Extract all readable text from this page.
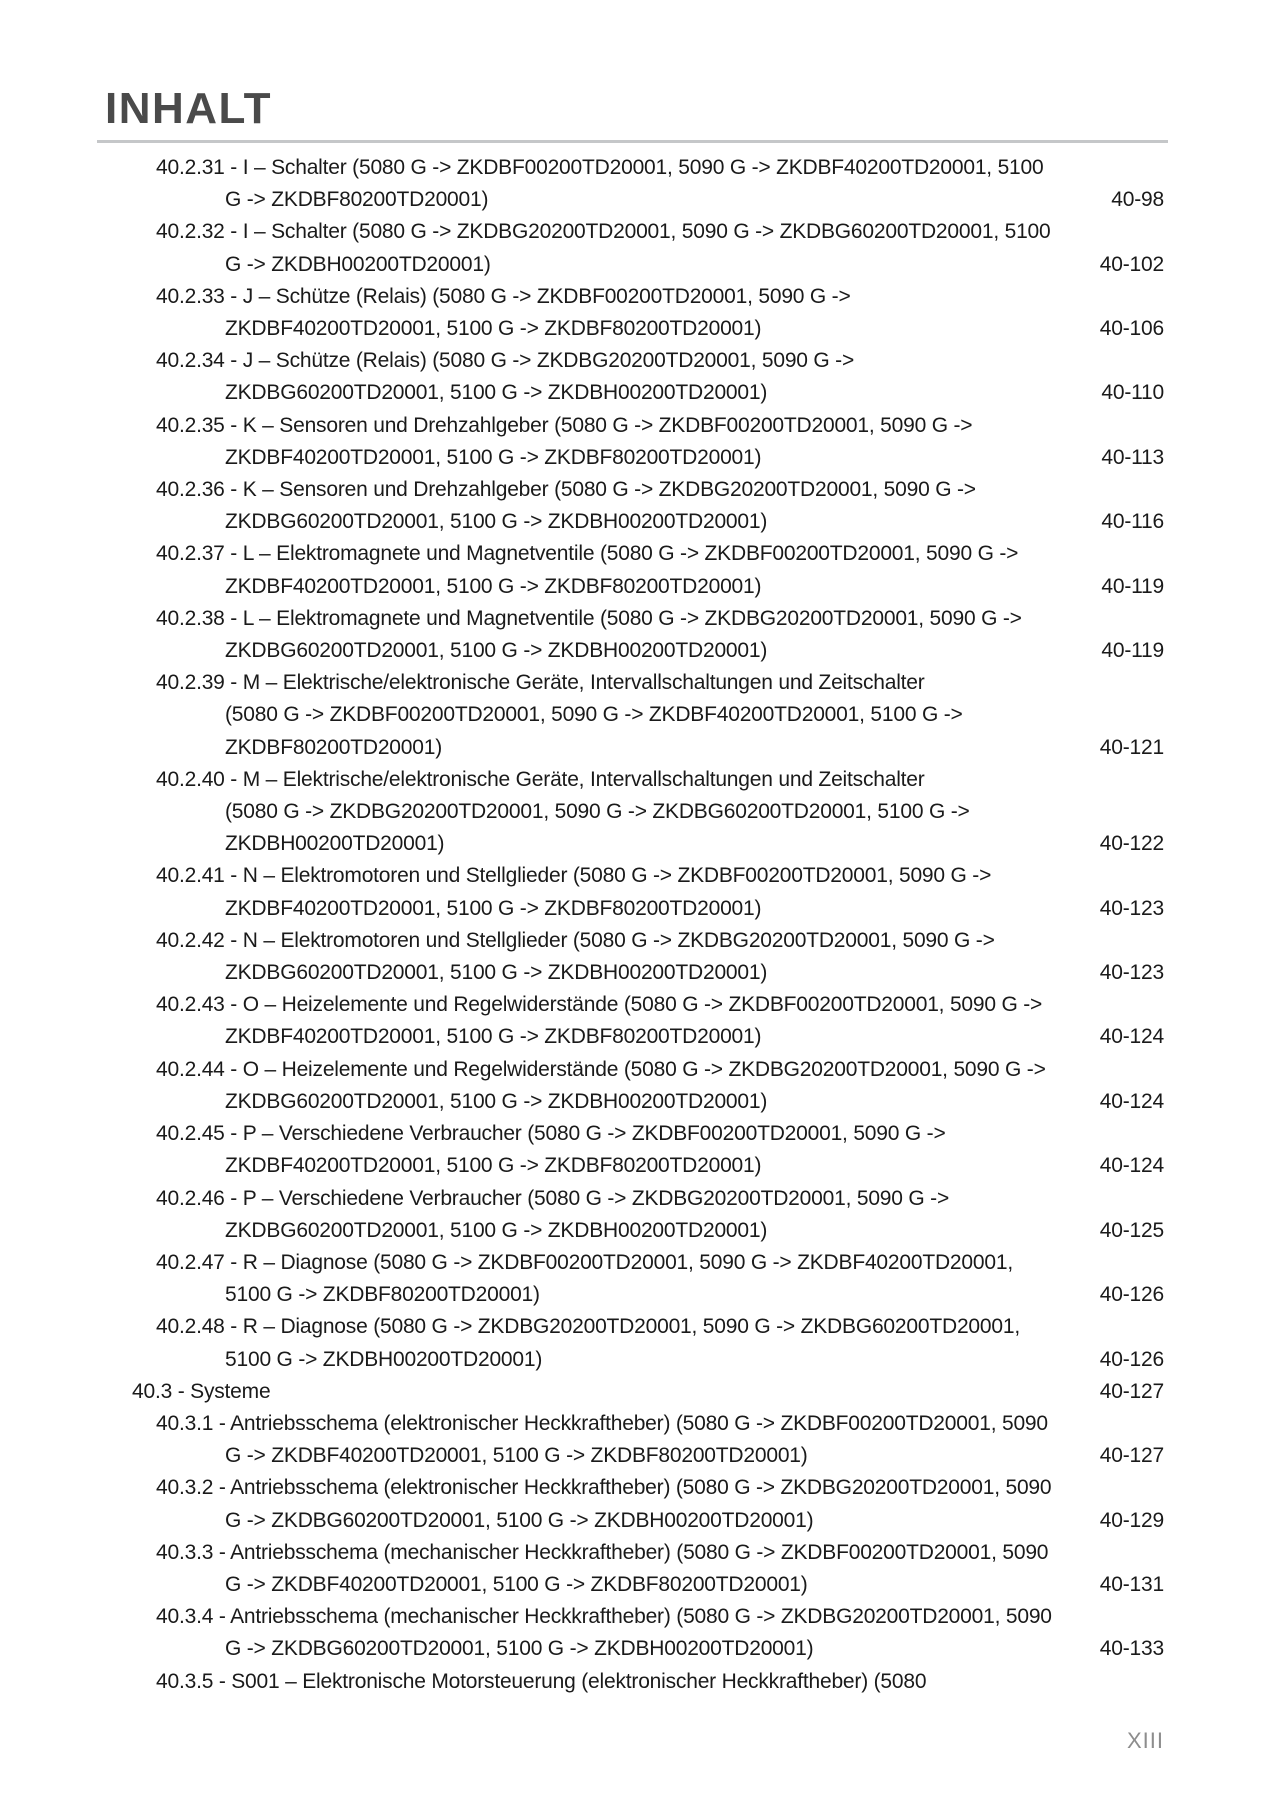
INHALT
40.2.31 - I – Schalter (5080 G -> ZKDBF00200TD20001, 5090 G -> ZKDBF40200TD20001, 5100
G -> ZKDBF80200TD20001)	40-98
40.2.32 - I – Schalter (5080 G -> ZKDBG20200TD20001, 5090 G -> ZKDBG60200TD20001, 5100
G -> ZKDBH00200TD20001)	40-102
40.2.33 - J – Schütze (Relais) (5080 G -> ZKDBF00200TD20001, 5090 G ->
ZKDBF40200TD20001, 5100 G -> ZKDBF80200TD20001)	40-106
40.2.34 - J – Schütze (Relais) (5080 G -> ZKDBG20200TD20001, 5090 G ->
ZKDBG60200TD20001, 5100 G -> ZKDBH00200TD20001)	40-110
40.2.35 - K – Sensoren und Drehzahlgeber (5080 G -> ZKDBF00200TD20001, 5090 G ->
ZKDBF40200TD20001, 5100 G -> ZKDBF80200TD20001)	40-113
40.2.36 - K – Sensoren und Drehzahlgeber (5080 G -> ZKDBG20200TD20001, 5090 G ->
ZKDBG60200TD20001, 5100 G -> ZKDBH00200TD20001)	40-116
40.2.37 - L – Elektromagnete und Magnetventile (5080 G -> ZKDBF00200TD20001, 5090 G ->
ZKDBF40200TD20001, 5100 G -> ZKDBF80200TD20001)	40-119
40.2.38 - L – Elektromagnete und Magnetventile (5080 G -> ZKDBG20200TD20001, 5090 G ->
ZKDBG60200TD20001, 5100 G -> ZKDBH00200TD20001)	40-119
40.2.39 - M – Elektrische/elektronische Geräte, Intervallschaltungen und Zeitschalter
(5080 G -> ZKDBF00200TD20001, 5090 G -> ZKDBF40200TD20001, 5100 G ->
ZKDBF80200TD20001)	40-121
40.2.40 - M – Elektrische/elektronische Geräte, Intervallschaltungen und Zeitschalter
(5080 G -> ZKDBG20200TD20001, 5090 G -> ZKDBG60200TD20001, 5100 G ->
ZKDBH00200TD20001)	40-122
40.2.41 - N – Elektromotoren und Stellglieder (5080 G -> ZKDBF00200TD20001, 5090 G ->
ZKDBF40200TD20001, 5100 G -> ZKDBF80200TD20001)	40-123
40.2.42 - N – Elektromotoren und Stellglieder (5080 G -> ZKDBG20200TD20001, 5090 G ->
ZKDBG60200TD20001, 5100 G -> ZKDBH00200TD20001)	40-123
40.2.43 - O – Heizelemente und Regelwiderstände (5080 G -> ZKDBF00200TD20001, 5090 G ->
ZKDBF40200TD20001, 5100 G -> ZKDBF80200TD20001)	40-124
40.2.44 - O – Heizelemente und Regelwiderstände (5080 G -> ZKDBG20200TD20001, 5090 G ->
ZKDBG60200TD20001, 5100 G -> ZKDBH00200TD20001)	40-124
40.2.45 - P – Verschiedene Verbraucher (5080 G -> ZKDBF00200TD20001, 5090 G ->
ZKDBF40200TD20001, 5100 G -> ZKDBF80200TD20001)	40-124
40.2.46 - P – Verschiedene Verbraucher (5080 G -> ZKDBG20200TD20001, 5090 G ->
ZKDBG60200TD20001, 5100 G -> ZKDBH00200TD20001)	40-125
40.2.47 - R – Diagnose (5080 G -> ZKDBF00200TD20001, 5090 G -> ZKDBF40200TD20001,
5100 G -> ZKDBF80200TD20001)	40-126
40.2.48 - R – Diagnose (5080 G -> ZKDBG20200TD20001, 5090 G -> ZKDBG60200TD20001,
5100 G -> ZKDBH00200TD20001)	40-126
40.3 - Systeme	40-127
40.3.1 - Antriebsschema (elektronischer Heckkraftheber) (5080 G -> ZKDBF00200TD20001, 5090
G -> ZKDBF40200TD20001, 5100 G -> ZKDBF80200TD20001)	40-127
40.3.2 - Antriebsschema (elektronischer Heckkraftheber) (5080 G -> ZKDBG20200TD20001, 5090
G -> ZKDBG60200TD20001, 5100 G -> ZKDBH00200TD20001)	40-129
40.3.3 - Antriebsschema (mechanischer Heckkraftheber) (5080 G -> ZKDBF00200TD20001, 5090
G -> ZKDBF40200TD20001, 5100 G -> ZKDBF80200TD20001)	40-131
40.3.4 - Antriebsschema (mechanischer Heckkraftheber) (5080 G -> ZKDBG20200TD20001, 5090
G -> ZKDBG60200TD20001, 5100 G -> ZKDBH00200TD20001)	40-133
40.3.5 - S001 – Elektronische Motorsteuerung (elektronischer Heckkraftheber) (5080
XIII
